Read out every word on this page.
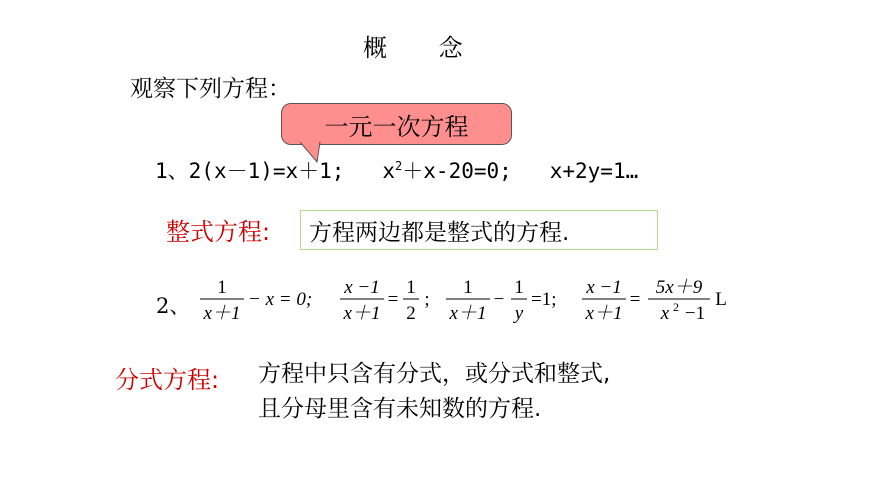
概 念
观察下列方程：
一元一次方程
1、2(x－1)=x＋1; $x^2+x-20=0$; x+2y=1…
整式方程: 方程两边都是整式的方程.
2、
1
x＋1
− x = 0;
x −1
x＋1
=
1
2
;
1
x＋1
−
1
y
=1;
x −1
x＋1
=
5x＋9
x 2 −1
L
分式方程: 方程中只含有分式，或分式和整式,
且分母里含有未知数的方程.
